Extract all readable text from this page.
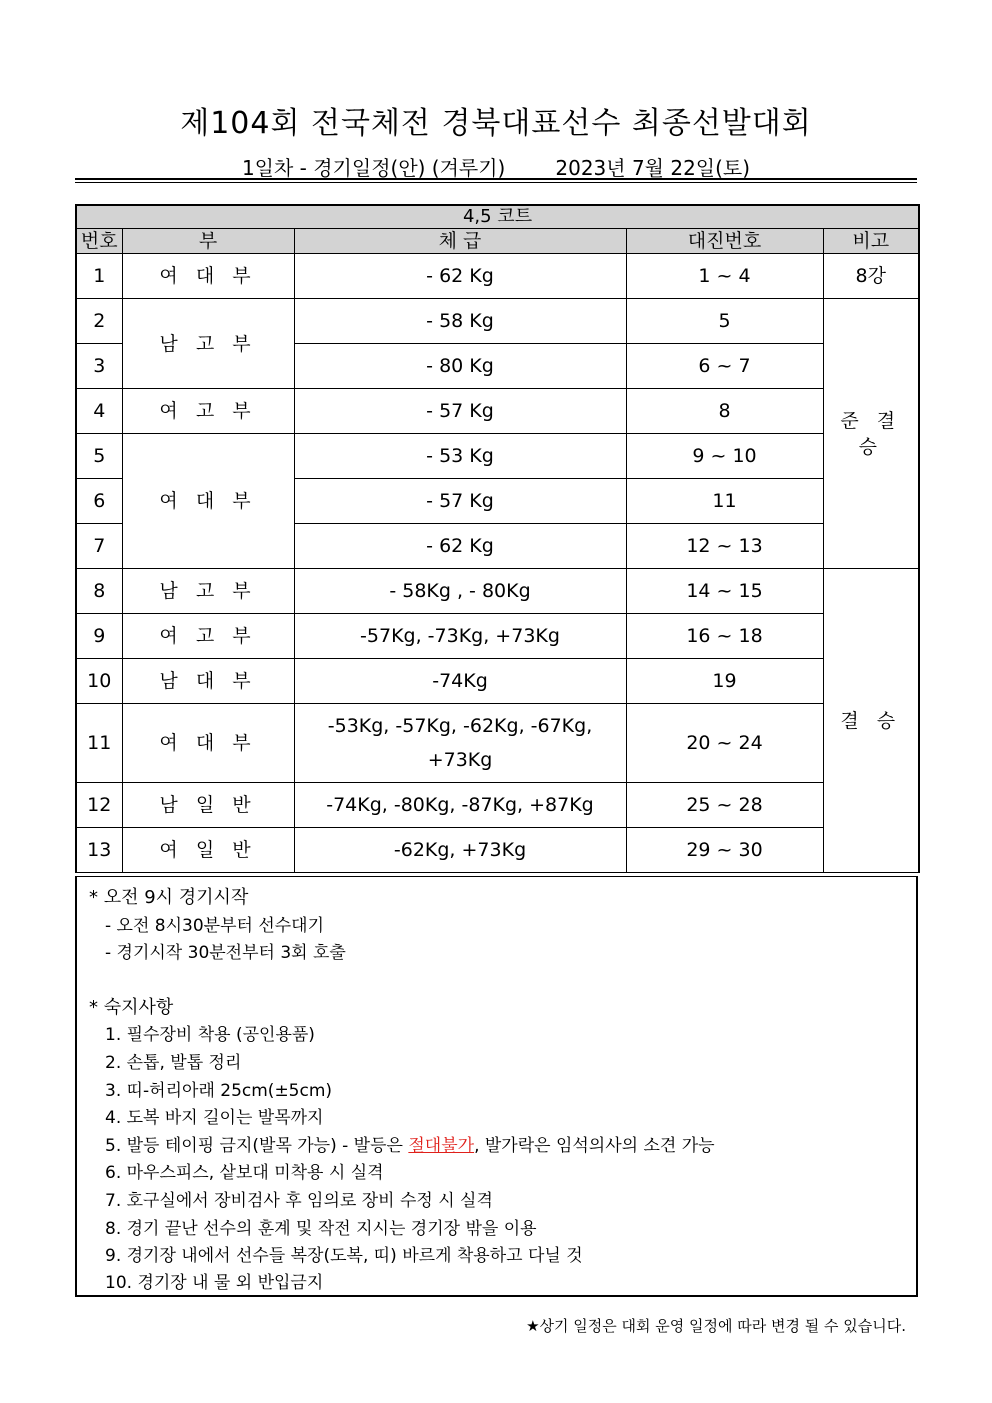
제104회 전국체전 경북대표선수 최종선발대회
1일차 - 경기일정(안) (겨루기)	2023년 7월 22일(토)
4,5 코트				
번호	부	체 급	대진번호	비고
1	여 대 부	- 62 Kg	1 ~ 4	8강
2	남 고 부	- 58 Kg	5	준 결 승
3		- 80 Kg	6 ~ 7	
4	여 고 부	- 57 Kg	8	
5	여 대 부	- 53 Kg	9 ~ 10	
6		- 57 Kg	11	
7		- 62 Kg	12 ~ 13	
8	남 고 부	- 58Kg , - 80Kg	14 ~ 15	결 승
9	여 고 부	-57Kg, -73Kg, +73Kg	16 ~ 18	
10	남 대 부	-74Kg	19	
11	여 대 부	-53Kg, -57Kg, -62Kg, -67Kg,
+73Kg	20 ~ 24	
12	남 일 반	-74Kg, -80Kg, -87Kg, +87Kg	25 ~ 28	
13	여 일 반	-62Kg, +73Kg	29 ~ 30	

* 오전 9시 경기시작

- 오전 8시30분부터 선수대기

- 경기시작 30분전부터 3회 호출

* 숙지사항

1. 필수장비 착용 (공인용품)

2. 손톱, 발톱 정리

3. 띠-허리아래 25cm(±5cm)

4. 도복 바지 길이는 발목까지

5. 발등 테이핑 금지(발목 가능) - 발등은 절대불가, 발가락은 임석의사의 소견 가능

6. 마우스피스, 샅보대 미착용 시 실격

7. 호구실에서 장비검사 후 임의로 장비 수정 시 실격

8. 경기 끝난 선수의 훈계 및 작전 지시는 경기장 밖을 이용

9. 경기장 내에서 선수들 복장(도복, 띠) 바르게 착용하고 다닐 것

10. 경기장 내 물 외 반입금지

★상기 일정은 대회 운영 일정에 따라 변경 될 수 있습니다.
